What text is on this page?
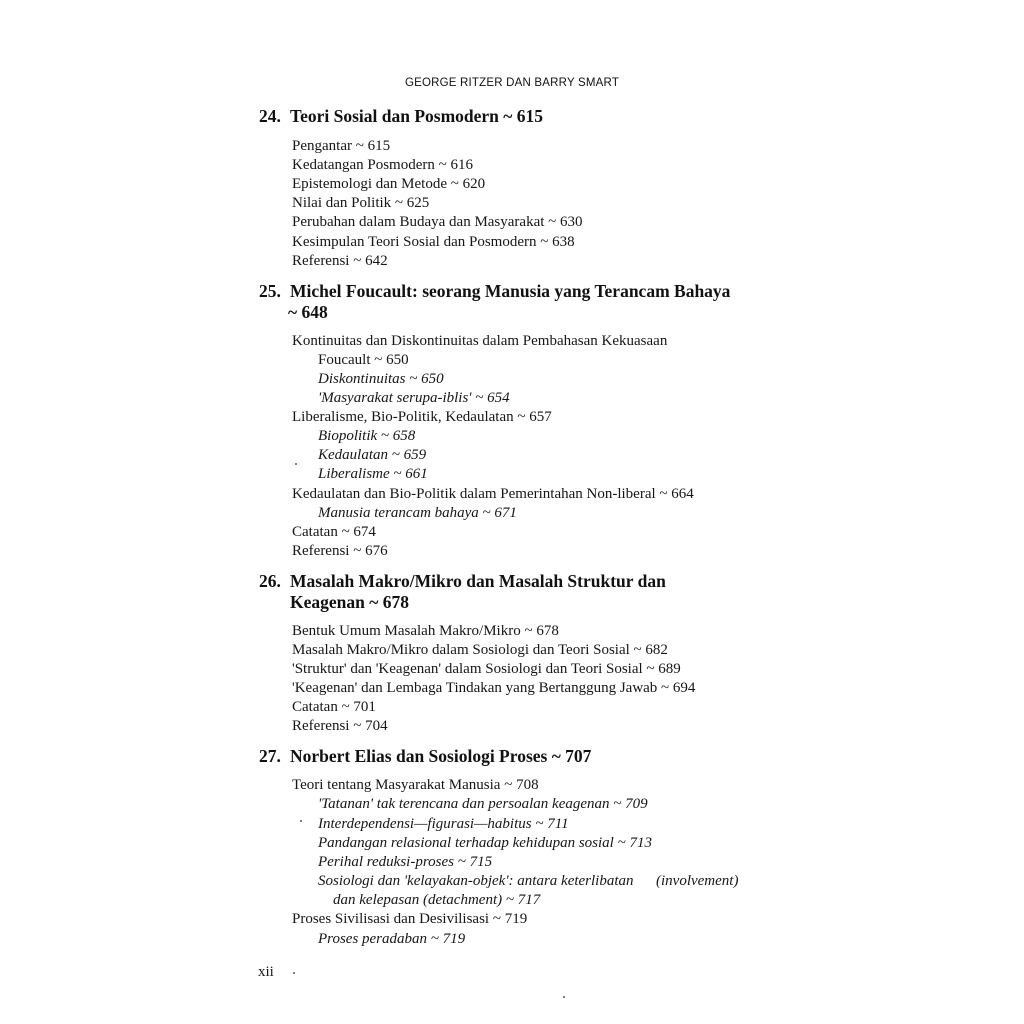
GEORGE RITZER DAN BARRY SMART
24. Teori Sosial dan Posmodern ~ 615
Pengantar ~ 615
Kedatangan Posmodern ~ 616
Epistemologi dan Metode ~ 620
Nilai dan Politik ~ 625
Perubahan dalam Budaya dan Masyarakat ~ 630
Kesimpulan Teori Sosial dan Posmodern ~ 638
Referensi ~ 642
25. Michel Foucault: seorang Manusia yang Terancam Bahaya
~ 648
Kontinuitas dan Diskontinuitas dalam Pembahasan Kekuasaan
Foucault ~ 650
Diskontinuitas ~ 650
'Masyarakat serupa-iblis' ~ 654
Liberalisme, Bio-Politik, Kedaulatan ~ 657
Biopolitik ~ 658
Kedaulatan ~ 659
Liberalisme ~ 661
Kedaulatan dan Bio-Politik dalam Pemerintahan Non-liberal ~ 664
Manusia terancam bahaya ~ 671
Catatan ~ 674
Referensi ~ 676
26. Masalah Makro/Mikro dan Masalah Struktur dan
Keagenan ~ 678
Bentuk Umum Masalah Makro/Mikro ~ 678
Masalah Makro/Mikro dalam Sosiologi dan Teori Sosial ~ 682
'Struktur' dan 'Keagenan' dalam Sosiologi dan Teori Sosial ~ 689
'Keagenan' dan Lembaga Tindakan yang Bertanggung Jawab ~ 694
Catatan ~ 701
Referensi ~ 704
27. Norbert Elias dan Sosiologi Proses ~ 707
Teori tentang Masyarakat Manusia ~ 708
'Tatanan' tak terencana dan persoalan keagenan ~ 709
Interdependensi—figurasi—habitus ~ 711
Pandangan relasional terhadap kehidupan sosial ~ 713
Perihal reduksi-proses ~ 715
Sosiologi dan 'kelayakan-objek': antara keterlibatan (involvement)
dan kelepasan (detachment) ~ 717
Proses Sivilisasi dan Desivilisasi ~ 719
Proses peradaban ~ 719
xii
